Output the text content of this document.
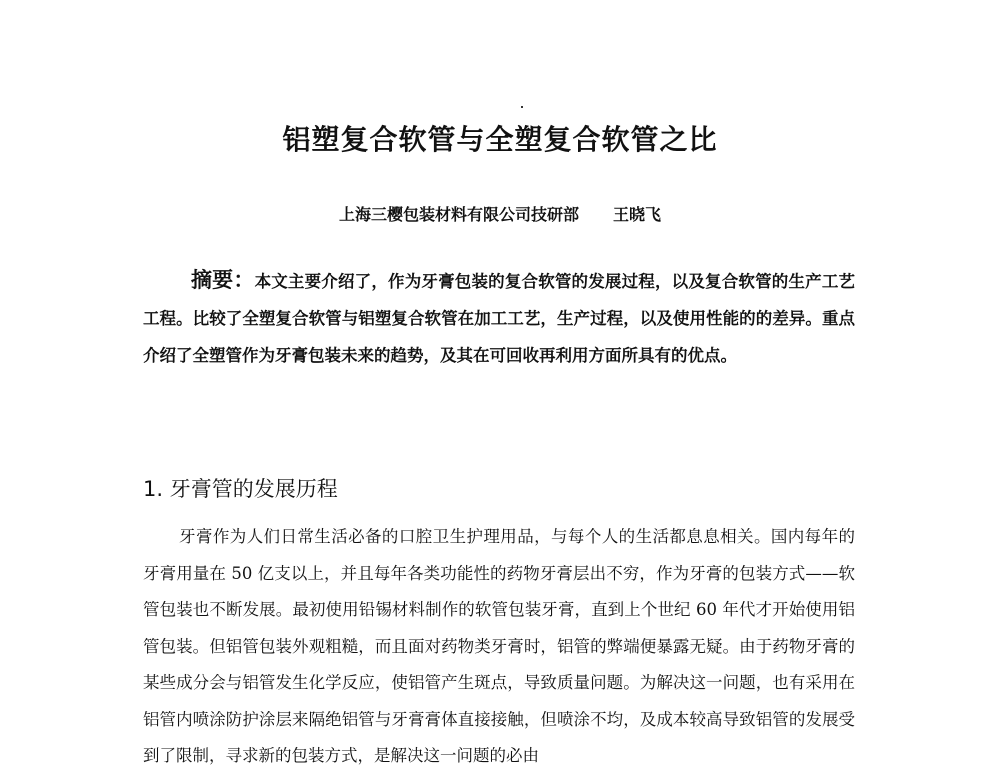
铝塑复合软管与全塑复合软管之比
上海三樱包装材料有限公司技研部 王晓飞

摘要：本文主要介绍了，作为牙膏包装的复合软管的发展过程，以及复合软管的生产工艺工程。比较了全塑复合软管与铝塑复合软管在加工工艺，生产过程，以及使用性能的的差异。重点介绍了全塑管作为牙膏包装未来的趋势，及其在可回收再利用方面所具有的优点。

1. 牙膏管的发展历程

牙膏作为人们日常生活必备的口腔卫生护理用品，与每个人的生活都息息相关。国内每年的牙膏用量在 50 亿支以上，并且每年各类功能性的药物牙膏层出不穷，作为牙膏的包装方式——软管包装也不断发展。最初使用铅锡材料制作的软管包装牙膏，直到上个世纪 60 年代才开始使用铝管包装。但铝管包装外观粗糙，而且面对药物类牙膏时，铝管的弊端便暴露无疑。由于药物牙膏的某些成分会与铝管发生化学反应，使铝管产生斑点，导致质量问题。为解决这一问题，也有采用在铝管内喷涂防护涂层来隔绝铝管与牙膏膏体直接接触，但喷涂不均，及成本较高导致铝管的发展受到了限制，寻求新的包装方式，是解决这一问题的必由
